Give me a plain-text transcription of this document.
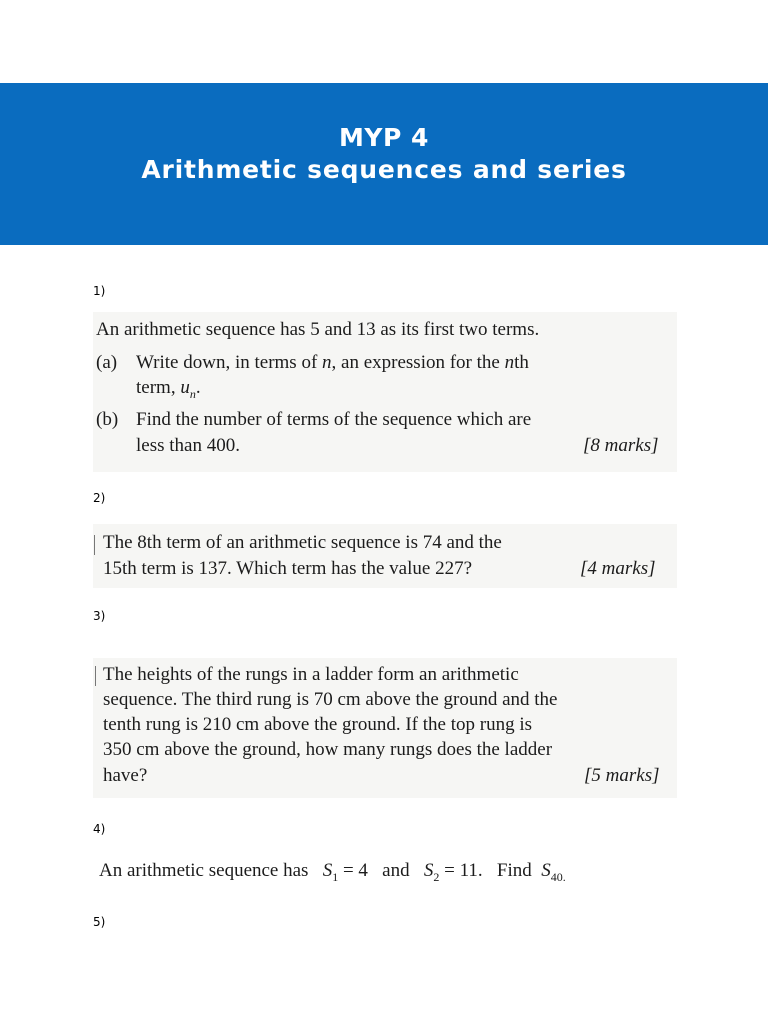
MYP 4
Arithmetic sequences and series
1)
An arithmetic sequence has 5 and 13 as its first two terms.
(a) Write down, in terms of n, an expression for the nth
term, $u_n$.
(b) Find the number of terms of the sequence which are
less than 400.	[8 marks]
2)
The 8th term of an arithmetic sequence is 74 and the
15th term is 137. Which term has the value 227?	[4 marks]
3)
The heights of the rungs in a ladder form an arithmetic
sequence. The third rung is 70 cm above the ground and the
tenth rung is 210 cm above the ground. If the top rung is
350 cm above the ground, how many rungs does the ladder
have?	[5 marks]
4)
An arithmetic sequence has $S_1 = 4$ and $S_2 = 11$. Find $S_{40.}$
5)
